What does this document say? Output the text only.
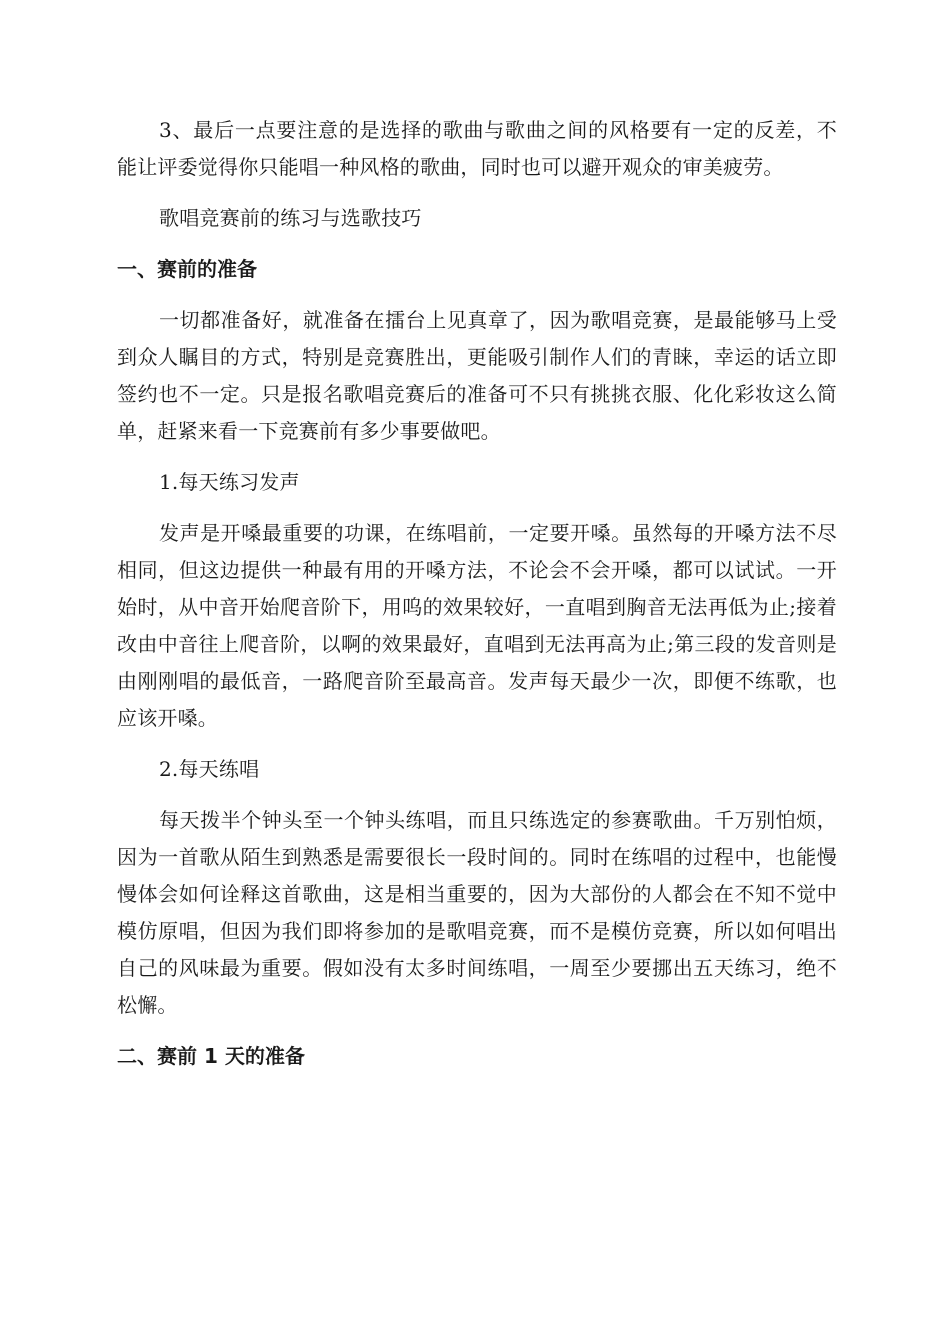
3、最后一点要注意的是选择的歌曲与歌曲之间的风格要有一定的反差，不能让评委觉得你只能唱一种风格的歌曲，同时也可以避开观众的审美疲劳。

歌唱竞赛前的练习与选歌技巧

一、赛前的准备

一切都准备好，就准备在擂台上见真章了，因为歌唱竞赛，是最能够马上受到众人瞩目的方式，特别是竞赛胜出，更能吸引制作人们的青睐，幸运的话立即签约也不一定。只是报名歌唱竞赛后的准备可不只有挑挑衣服、化化彩妆这么简单，赶紧来看一下竞赛前有多少事要做吧。

1.每天练习发声

发声是开嗓最重要的功课，在练唱前，一定要开嗓。虽然每的开嗓方法不尽相同，但这边提供一种最有用的开嗓方法，不论会不会开嗓，都可以试试。一开始时，从中音开始爬音阶下，用呜的效果较好，一直唱到胸音无法再低为止;接着改由中音往上爬音阶，以啊的效果最好，直唱到无法再高为止;第三段的发音则是由刚刚唱的最低音，一路爬音阶至最高音。发声每天最少一次，即便不练歌，也应该开嗓。

2.每天练唱

每天拨半个钟头至一个钟头练唱，而且只练选定的参赛歌曲。千万别怕烦，因为一首歌从陌生到熟悉是需要很长一段时间的。同时在练唱的过程中，也能慢慢体会如何诠释这首歌曲，这是相当重要的，因为大部份的人都会在不知不觉中模仿原唱，但因为我们即将参加的是歌唱竞赛，而不是模仿竞赛，所以如何唱出自己的风味最为重要。假如没有太多时间练唱，一周至少要挪出五天练习，绝不松懈。

二、赛前 1 天的准备
